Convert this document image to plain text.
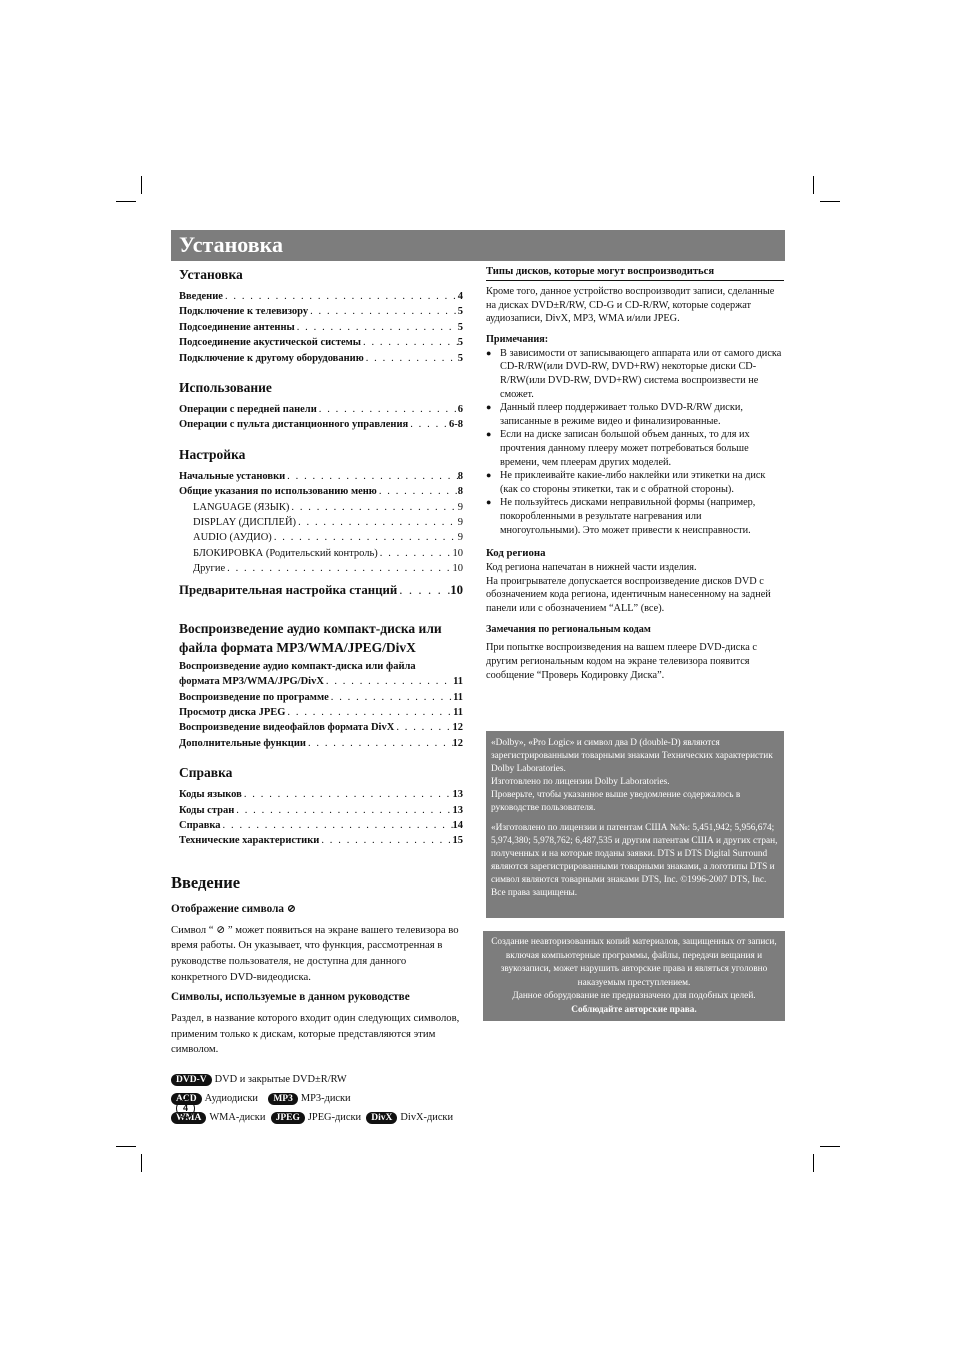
Установка
Установка
Введение . . .	4
Подключение к телевизору . . .	5
Подсоединение антенны . . .	5
Подсоединение акустической системы . . .	5
Подключение к другому оборудованию . . .	5
Использование
Операции с передней панели . . .	6
Операции с пульта дистанционного управления . . .	6-8
Настройка
Начальные установки . . .	8
Общие указания по использованию меню . . .	8
LANGUAGE (ЯЗЫК) . . .	9
DISPLAY (ДИСПЛЕЙ) . . .	9
AUDIO (АУДИО) . . .	9
БЛОКИРОВКА (Родительский контроль) . . .	10
Другие . . .	10
Предварительная настройка станций . . .	10
Воспроизведение аудио компакт-диска или файла формата MP3/WMA/JPEG/DivX
Воспроизведение аудио компакт-диска или файла
формата MP3/WMA/JPG/DivX . . .	11
Воспроизведение по программе . . .	11
Просмотр диска JPEG . . .	11
Воспроизведение видеофайлов формата DivX . . .	12
Дополнительные функции . . .	12
Справка
Коды языков . . .	13
Коды стран . . .	13
Справка . . .	14
Технические характеристики . . .	15
Введение
Отображение символа ⊘

Символ “ ⊘ ” может появиться на экране вашего телевизора во время работы. Он указывает, что функция, рассмотренная в руководстве пользователя, не доступна для данного конкретного DVD-видеодиска.

Символы, используемые в данном руководстве

Раздел, в название которого входит один следующих символов, применим только к дискам, которые представляются этим символом.

DVD-V DVD и закрытые DVD±R/RW
ACD Аудиодиски MP3 MP3-диски
WMA WMA-диски JPEG JPEG-диски DivX DivX-диски
4
Типы дисков, которые могут воспроизводиться

Кроме того, данное устройство воспроизводит записи, сделанные на дисках DVD±R/RW, CD-G и CD-R/RW, которые содержат аудиозаписи, DivX, MP3, WMA и/или JPEG.

Примечания:
● В зависимости от записывающего аппарата или от самого диска CD-R/RW(или DVD-RW, DVD+RW) некоторые диски CD-R/RW(или DVD-RW, DVD+RW) система воспроизвести не сможет.
● Данный плеер поддерживает только DVD-R/RW диски, записанные в режиме видео и финализированные.
● Если на диске записан большой объем данных, то для их прочтения данному плееру может потребоваться больше времени, чем плеерам других моделей.
● Не приклеивайте какие-либо наклейки или этикетки на диск (как со стороны этикетки, так и с обратной стороны).
● Не пользуйтесь дисками неправильной формы (например, покоробленными в результате нагревания или многоугольными). Это может привести к неисправности.
Код региона

Код региона напечатан в нижней части изделия.

На проигрывателе допускается воспроизведение дисков DVD с обозначением кода региона, идентичным нанесенному на задней панели или с обозначением “ALL” (все).

Замечания по региональным кодам

При попытке воспроизведения на вашем плеере DVD-диска с другим региональным кодом на экране телевизора появится сообщение “Проверь Кодировку Диска”.

«Dolby», «Pro Logic» и символ два D (double-D) являются зарегистрированными товарными знаками Технических характеристик Dolby Laboratories.

Изготовлено по лицензии Dolby Laboratories.

Проверьте, чтобы указанное выше уведомление содержалось в руководстве пользователя.

«Изготовлено по лицензии и патентам США №№: 5,451,942; 5,956,674; 5,974,380; 5,978,762; 6,487,535 и другим патентам США и других стран, полученных и на которые поданы заявки. DTS и DTS Digital Surround являются зарегистрированными товарными знаками, а логотипы DTS и символ являются товарными знаками DTS, Inc. ©1996-2007 DTS, Inc. Все права защищены.

Создание неавторизованных копий материалов, защищенных от записи, включая компьютерные программы, файлы, передачи вещания и звукозаписи, может нарушить авторские права и являться уголовно наказуемым преступлением.
Данное оборудование не предназначено для подобных целей.
Соблюдайте авторские права.
